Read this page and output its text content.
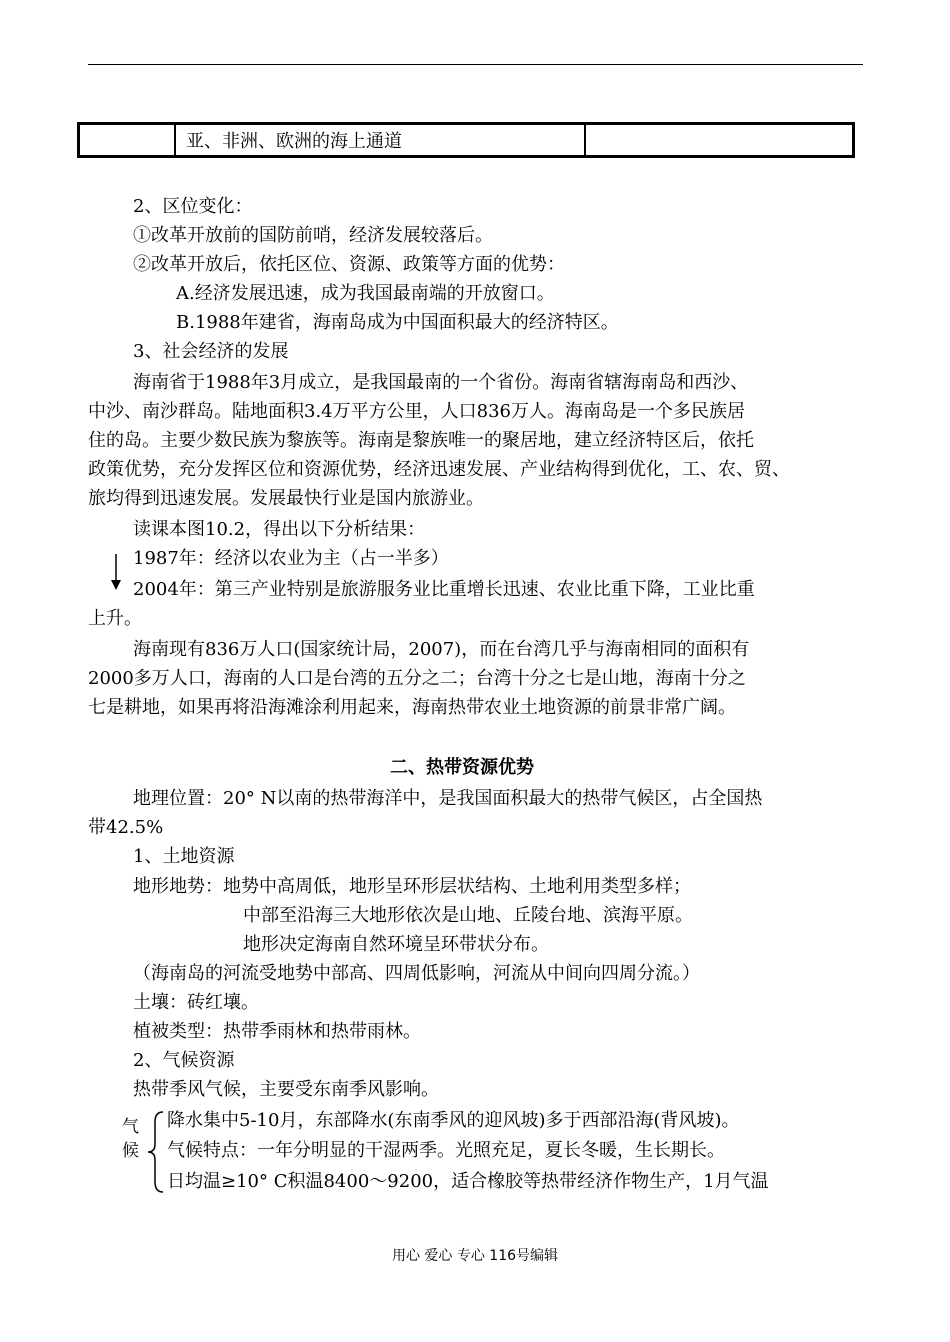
	亚、非洲、欧洲的海上通道	
2、区位变化：
①改革开放前的国防前哨，经济发展较落后。
②改革开放后，依托区位、资源、政策等方面的优势：
A.经济发展迅速，成为我国最南端的开放窗口。
B.1988年建省，海南岛成为中国面积最大的经济特区。
3、社会经济的发展
海南省于1988年3月成立，是我国最南的一个省份。海南省辖海南岛和西沙、
中沙、南沙群岛。陆地面积3.4万平方公里，人口836万人。海南岛是一个多民族居
住的岛。主要少数民族为黎族等。海南是黎族唯一的聚居地，建立经济特区后，依托
政策优势，充分发挥区位和资源优势，经济迅速发展、产业结构得到优化，工、农、贸、
旅均得到迅速发展。发展最快行业是国内旅游业。
读课本图10.2，得出以下分析结果：
1987年：经济以农业为主（占一半多）
2004年：第三产业特别是旅游服务业比重增长迅速、农业比重下降，工业比重
上升。
海南现有836万人口(国家统计局，2007)，而在台湾几乎与海南相同的面积有
2000多万人口，海南的人口是台湾的五分之二；台湾十分之七是山地，海南十分之
七是耕地，如果再将沿海滩涂利用起来，海南热带农业土地资源的前景非常广阔。
二、热带资源优势
地理位置：20° N以南的热带海洋中，是我国面积最大的热带气候区，占全国热
带42.5%
1、土地资源
地形地势：地势中高周低，地形呈环形层状结构、土地利用类型多样；
中部至沿海三大地形依次是山地、丘陵台地、滨海平原。
地形决定海南自然环境呈环带状分布。
（海南岛的河流受地势中部高、四周低影响，河流从中间向四周分流。）
土壤：砖红壤。
植被类型：热带季雨林和热带雨林。
2、气候资源
热带季风气候，主要受东南季风影响。
气
候
降水集中5-10月，东部降水(东南季风的迎风坡)多于西部沿海(背风坡)。
气候特点：一年分明显的干湿两季。光照充足，夏长冬暖，生长期长。
日均温≥10° C积温8400～9200，适合橡胶等热带经济作物生产，1月气温
用心 爱心 专心 116号编辑
